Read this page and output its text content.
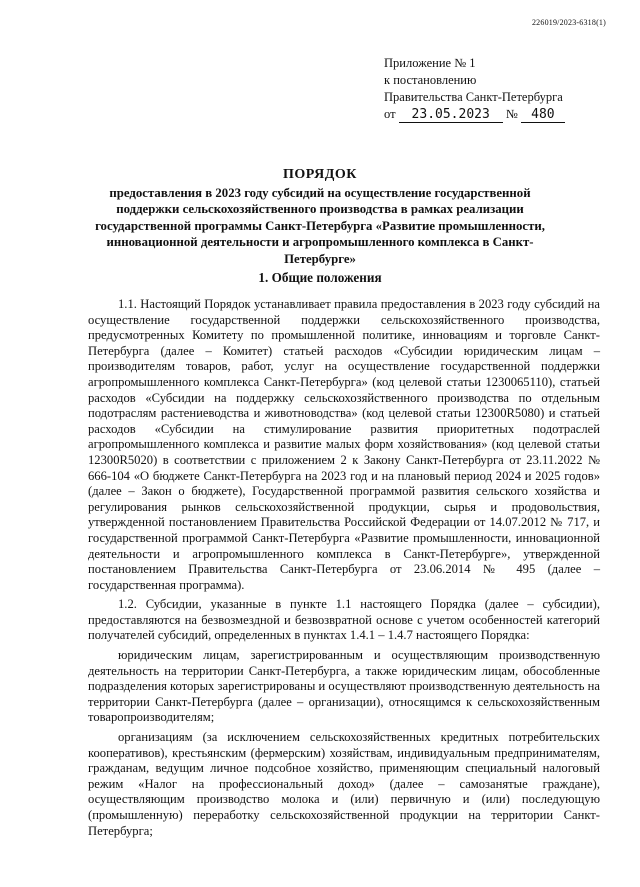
226019/2023-6318(1)
Приложение № 1
к постановлению
Правительства Санкт-Петербурга
от 23.05.2023 № 480
ПОРЯДОК
предоставления в 2023 году субсидий на осуществление государственной поддержки сельскохозяйственного производства в рамках реализации государственной программы Санкт-Петербурга «Развитие промышленности, инновационной деятельности и агропромышленного комплекса в Санкт-Петербурге»
1. Общие положения

1.1. Настоящий Порядок устанавливает правила предоставления в 2023 году субсидий на осуществление государственной поддержки сельскохозяйственного производства, предусмотренных Комитету по промышленной политике, инновациям и торговле Санкт-Петербурга (далее – Комитет) статьей расходов «Субсидии юридическим лицам – производителям товаров, работ, услуг на осуществление государственной поддержки агропромышленного комплекса Санкт-Петербурга» (код целевой статьи 1230065110), статьей расходов «Субсидии на поддержку сельскохозяйственного производства по отдельным подотраслям растениеводства и животноводства» (код целевой статьи 12300R5080) и статьей расходов «Субсидии на стимулирование развития приоритетных подотраслей агропромышленного комплекса и развитие малых форм хозяйствования» (код целевой статьи 12300R5020) в соответствии с приложением 2 к Закону Санкт-Петербурга от 23.11.2022 № 666-104 «О бюджете Санкт-Петербурга на 2023 год и на плановый период 2024 и 2025 годов» (далее – Закон о бюджете), Государственной программой развития сельского хозяйства и регулирования рынков сельскохозяйственной продукции, сырья и продовольствия, утвержденной постановлением Правительства Российской Федерации от 14.07.2012 № 717, и государственной программой Санкт-Петербурга «Развитие промышленности, инновационной деятельности и агропромышленного комплекса в Санкт-Петербурге», утвержденной постановлением Правительства Санкт-Петербурга от 23.06.2014 № 495 (далее – государственная программа).

1.2. Субсидии, указанные в пункте 1.1 настоящего Порядка (далее – субсидии), предоставляются на безвозмездной и безвозвратной основе с учетом особенностей категорий получателей субсидий, определенных в пунктах 1.4.1 – 1.4.7 настоящего Порядка:

юридическим лицам, зарегистрированным и осуществляющим производственную деятельность на территории Санкт-Петербурга, а также юридическим лицам, обособленные подразделения которых зарегистрированы и осуществляют производственную деятельность на территории Санкт-Петербурга (далее – организации), относящимся к сельскохозяйственным товаропроизводителям;

организациям (за исключением сельскохозяйственных кредитных потребительских кооперативов), крестьянским (фермерским) хозяйствам, индивидуальным предпринимателям, гражданам, ведущим личное подсобное хозяйство, применяющим специальный налоговый режим «Налог на профессиональный доход» (далее – самозанятые граждане), осуществляющим производство молока и (или) первичную и (или) последующую (промышленную) переработку сельскохозяйственной продукции на территории Санкт-Петербурга;
